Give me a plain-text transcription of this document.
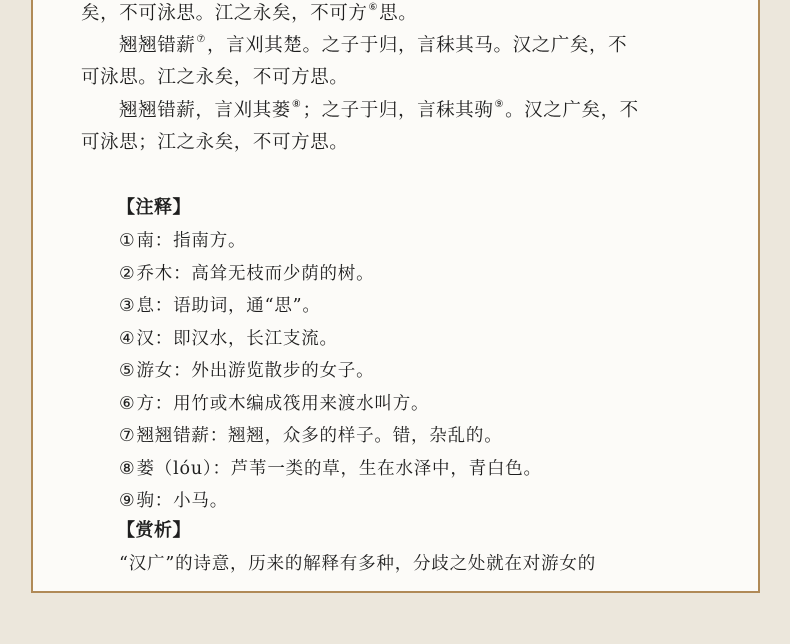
矣，不可泳思。江之永矣，不可方⑥思。
翘翘错薪⑦，言刈其楚。之子于归，言秣其马。汉之广矣，不
可泳思。江之永矣，不可方思。
翘翘错薪，言刈其蒌⑧；之子于归，言秣其驹⑨。汉之广矣，不
可泳思；江之永矣，不可方思。
【注释】
①南：指南方。
②乔木：高耸无枝而少荫的树。
③息：语助词，通“思”。
④汉：即汉水，长江支流。
⑤游女：外出游览散步的女子。
⑥方：用竹或木编成筏用来渡水叫方。
⑦翘翘错薪：翘翘，众多的样子。错，杂乱的。
⑧蒌（lóu）：芦苇一类的草，生在水泽中，青白色。
⑨驹：小马。
【赏析】
“汉广”的诗意，历来的解释有多种，分歧之处就在对游女的
